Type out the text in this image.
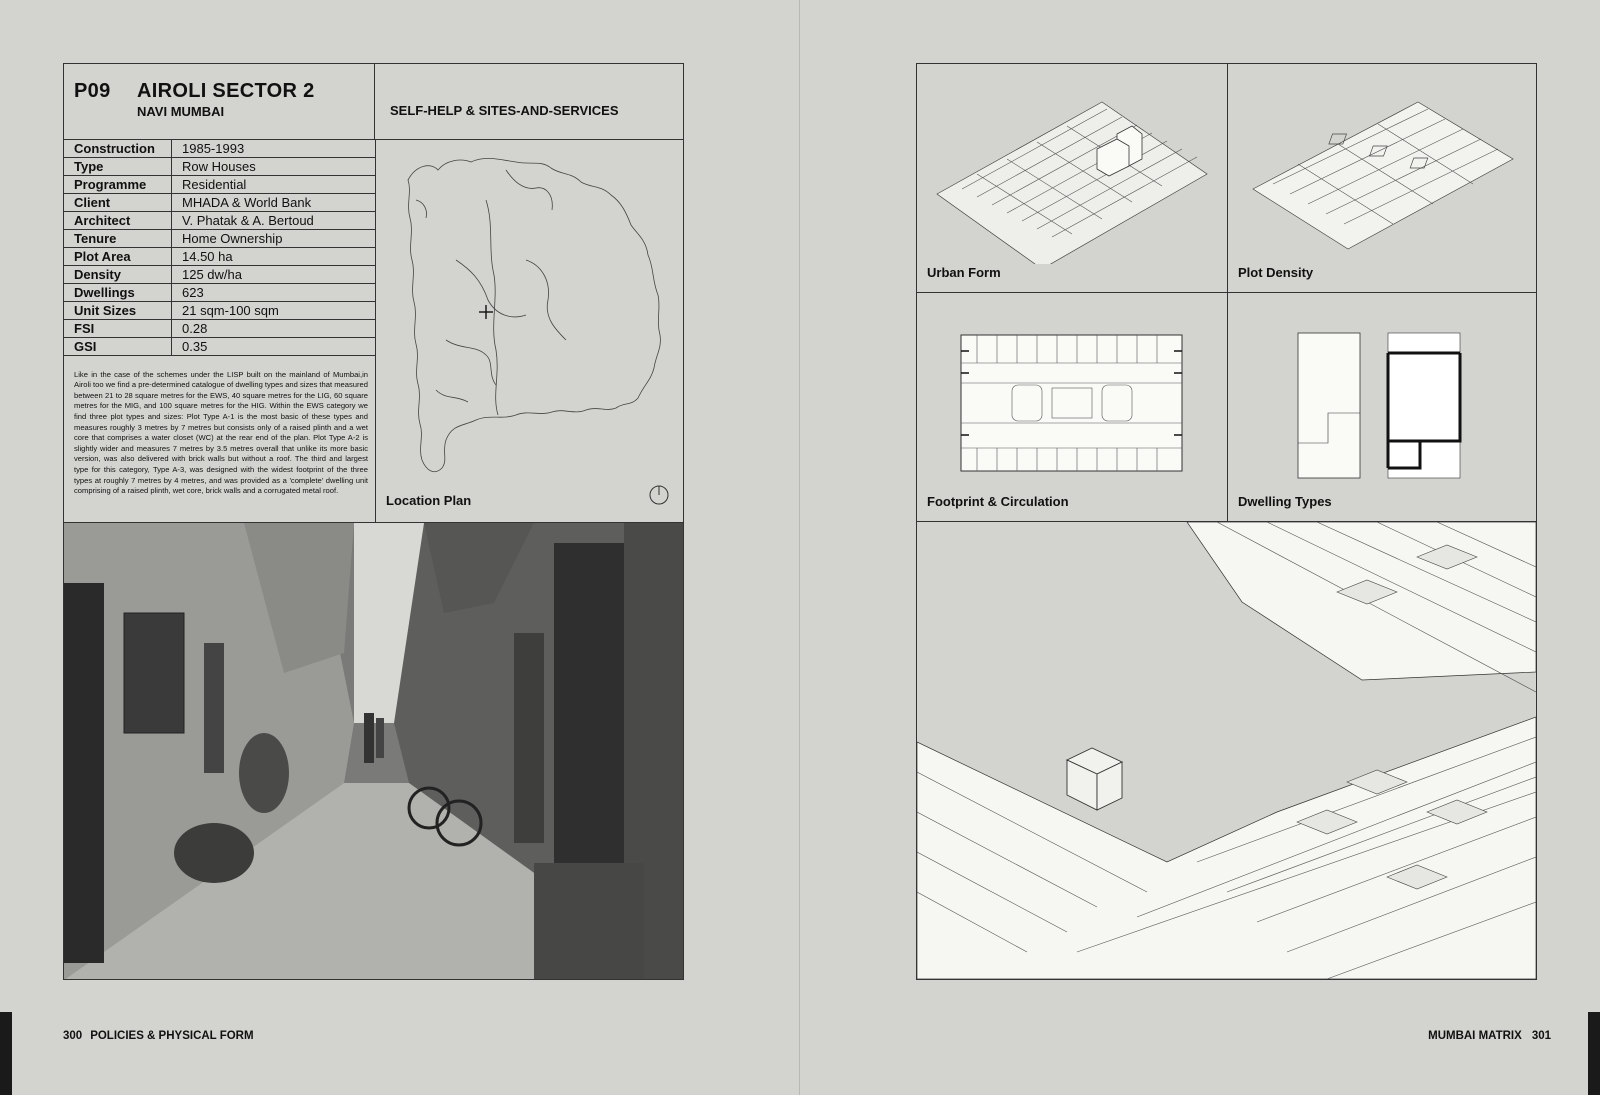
P09 AIROLI SECTOR 2
NAVI MUMBAI	SELF-HELP & SITES-AND-SERVICES
Construction	1985-1993
Type	Row Houses
Programme	Residential
Client	MHADA & World Bank
Architect	V. Phatak & A. Bertoud
Tenure	Home Ownership
Plot Area	14.50 ha
Density	125 dw/ha
Dwellings	623
Unit Sizes	21 sqm-100 sqm
FSI	0.28
GSI	0.35

Like in the case of the schemes under the LISP built on the mainland of Mumbai,in Airoli too we find a pre-determined catalogue of dwelling types and sizes that measured between 21 to 28 square metres for the EWS, 40 square metres for the LIG, 60 square metres for the MIG, and 100 square metres for the HIG. Within the EWS category we find three plot types and sizes: Plot Type A-1 is the most basic of these types and measures roughly 3 metres by 7 metres but consists only of a raised plinth and a wet core that comprises a water closet (WC) at the rear end of the plan. Plot Type A-2 is slightly wider and measures 7 metres by 3.5 metres overall that unlike its more basic version, was also delivered with brick walls but without a roof. The third and largest type for this category, Type A-3, was designed with the widest footprint of the three types at roughly 7 metres by 4 metres, and was provided as a 'complete' dwelling unit comprising of a raised plinth, wet core, brick walls and a corrugated metal roof.

Location Plan
300 POLICIES & PHYSICAL FORM
Urban Form	Plot Density
Footprint & Circulation	Dwelling Types
MUMBAI MATRIX 301
